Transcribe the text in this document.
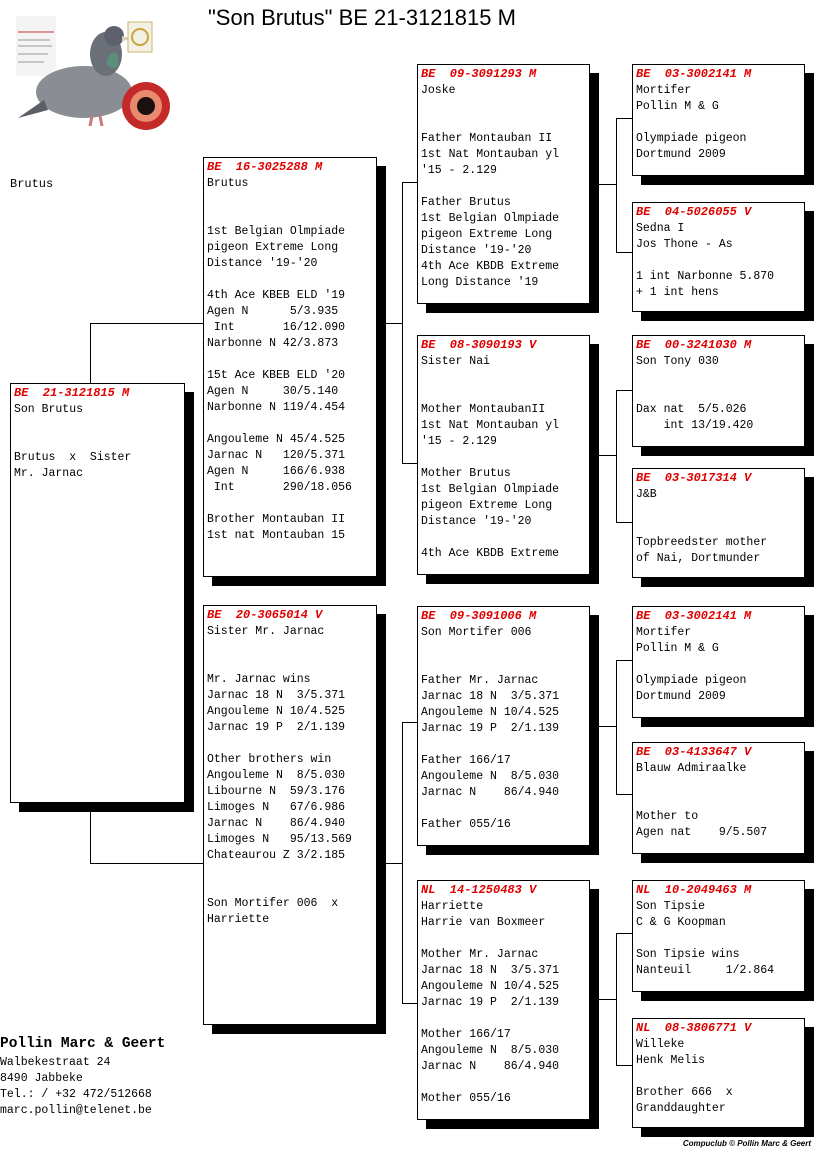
"Son Brutus" BE 21-3121815 M
Brutus
BE  21-3121815 M
Son Brutus
Brutus  x  Sister
Mr. Jarnac
BE  16-3025288 M
Brutus
1st Belgian Olmpiade
pigeon Extreme Long
Distance '19-'20
4th Ace KBEB ELD '19
Agen N      5/3.935
Int       16/12.090
Narbonne N 42/3.873
15t Ace KBEB ELD '20
Agen N     30/5.140
Narbonne N 119/4.454
Angouleme N 45/4.525
Jarnac N   120/5.371
Agen N     166/6.938
Int       290/18.056
Brother Montauban II
1st nat Montauban 15
BE  20-3065014 V
Sister Mr. Jarnac
Mr. Jarnac wins
Jarnac 18 N  3/5.371
Angouleme N 10/4.525
Jarnac 19 P  2/1.139
Other brothers win
Angouleme N  8/5.030
Libourne N  59/3.176
Limoges N   67/6.986
Jarnac N    86/4.940
Limoges N   95/13.569
Chateaurou Z 3/2.185
Son Mortifer 006  x
Harriette
BE  09-3091293 M
Joske
Father Montauban II
1st Nat Montauban yl
'15 - 2.129
Father Brutus
1st Belgian Olmpiade
pigeon Extreme Long
Distance '19-'20
4th Ace KBDB Extreme
Long Distance '19
BE  08-3090193 V
Sister Nai
Mother MontaubanII
1st Nat Montauban yl
'15 - 2.129
Mother Brutus
1st Belgian Olmpiade
pigeon Extreme Long
Distance '19-'20
4th Ace KBDB Extreme
BE  09-3091006 M
Son Mortifer 006
Father Mr. Jarnac
Jarnac 18 N  3/5.371
Angouleme N 10/4.525
Jarnac 19 P  2/1.139
Father 166/17
Angouleme N  8/5.030
Jarnac N    86/4.940
Father 055/16
NL  14-1250483 V
Harriette
Harrie van Boxmeer
Mother Mr. Jarnac
Jarnac 18 N  3/5.371
Angouleme N 10/4.525
Jarnac 19 P  2/1.139
Mother 166/17
Angouleme N  8/5.030
Jarnac N    86/4.940
Mother 055/16
BE  03-3002141 M
Mortifer
Pollin M & G
Olympiade pigeon
Dortmund 2009
BE  04-5026055 V
Sedna I
Jos Thone - As
1 int Narbonne 5.870
+ 1 int hens
BE  00-3241030 M
Son Tony 030
Dax nat  5/5.026
int 13/19.420
BE  03-3017314 V
J&B
Topbreedster mother
of Nai, Dortmunder
BE  03-3002141 M
Mortifer
Pollin M & G
Olympiade pigeon
Dortmund 2009
BE  03-4133647 V
Blauw Admiraalke
Mother to
Agen nat    9/5.507
NL  10-2049463 M
Son Tipsie
C & G Koopman
Son Tipsie wins
Nanteuil     1/2.864
NL  08-3806771 V
Willeke
Henk Melis
Brother 666  x
Granddaughter
Pollin Marc & Geert
Walbekestraat 24
8490 Jabbeke
Tel.: / +32 472/512668
marc.pollin@telenet.be
Compuclub © Pollin Marc & Geert
